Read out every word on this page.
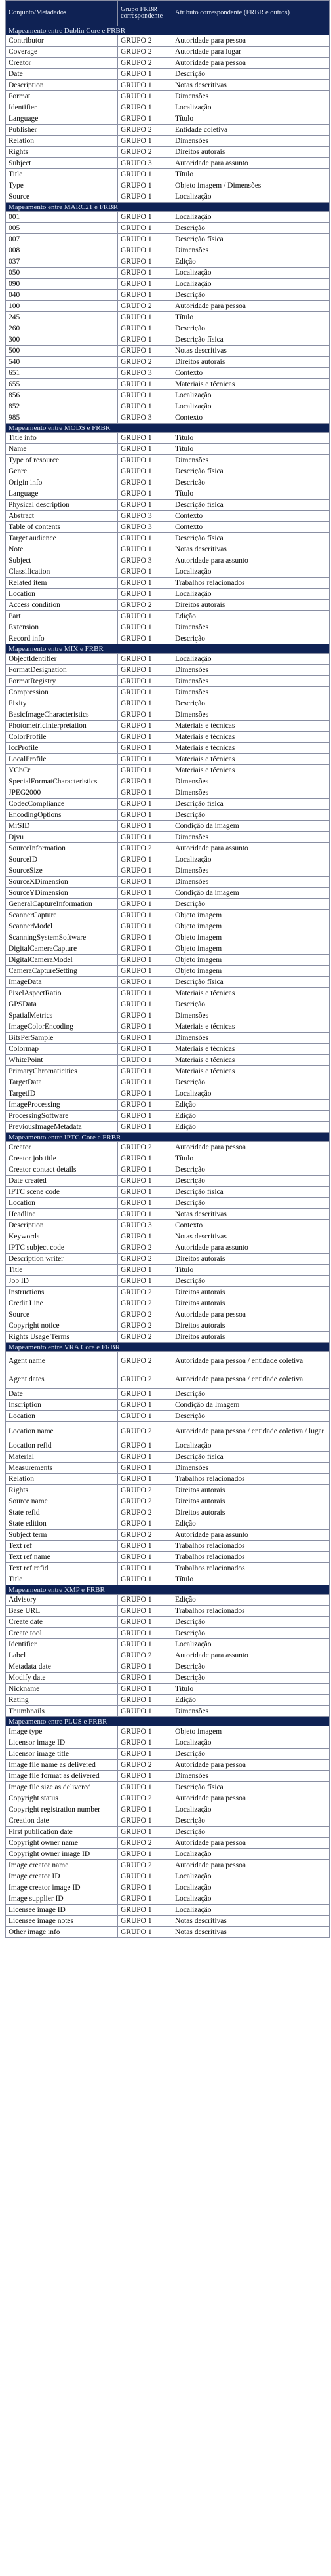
Conjunto/Metadados	Grupo FRBR correspondente	Atributo correspondente (FRBR e outros)
Mapeamento entre Dublin Core e FRBR		
Contributor	GRUPO 2	Autoridade para pessoa
Coverage	GRUPO 2	Autoridade para lugar
Creator	GRUPO 2	Autoridade para pessoa
Date	GRUPO 1	Descrição
Description	GRUPO 1	Notas descritivas
Format	GRUPO 1	Dimensões
Identifier	GRUPO 1	Localização
Language	GRUPO 1	Título
Publisher	GRUPO 2	Entidade coletiva
Relation	GRUPO 1	Dimensões
Rights	GRUPO 2	Direitos autorais
Subject	GRUPO 3	Autoridade para assunto
Title	GRUPO 1	Título
Type	GRUPO 1	Objeto imagem / Dimensões
Source	GRUPO 1	Localização
Mapeamento entre MARC21 e FRBR		
001	GRUPO 1	Localização
005	GRUPO 1	Descrição
007	GRUPO 1	Descrição física
008	GRUPO 1	Dimensões
037	GRUPO 1	Edição
050	GRUPO 1	Localização
090	GRUPO 1	Localização
040	GRUPO 1	Descrição
100	GRUPO 2	Autoridade para pessoa
245	GRUPO 1	Título
260	GRUPO 1	Descrição
300	GRUPO 1	Descrição física
500	GRUPO 1	Notas descritivas
540	GRUPO 2	Direitos autorais
651	GRUPO 3	Contexto
655	GRUPO 1	Materiais e técnicas
856	GRUPO 1	Localização
852	GRUPO 1	Localização
985	GRUPO 3	Contexto
Mapeamento entre MODS e FRBR		
Title info	GRUPO 1	Título
Name	GRUPO 1	Título
Type of resource	GRUPO 1	Dimensões
Genre	GRUPO 1	Descrição física
Origin info	GRUPO 1	Descrição
Language	GRUPO 1	Título
Physical description	GRUPO 1	Descrição física
Abstract	GRUPO 3	Contexto
Table of contents	GRUPO 3	Contexto
Target audience	GRUPO 1	Descrição física
Note	GRUPO 1	Notas descritivas
Subject	GRUPO 3	Autoridade para assunto
Classification	GRUPO 1	Localização
Related item	GRUPO 1	Trabalhos relacionados
Location	GRUPO 1	Localização
Access condition	GRUPO 2	Direitos autorais
Part	GRUPO 1	Edição
Extension	GRUPO 1	Dimensões
Record info	GRUPO 1	Descrição
Mapeamento entre MIX e FRBR		
ObjectIdentifier	GRUPO 1	Localização
FormatDesignation	GRUPO 1	Dimensões
FormatRegistry	GRUPO 1	Dimensões
Compression	GRUPO 1	Dimensões
Fixity	GRUPO 1	Descrição
BasicImageCharacteristics	GRUPO 1	Dimensões
PhotometricInterpretation	GRUPO 1	Materiais e técnicas
ColorProfile	GRUPO 1	Materiais e técnicas
IccProfile	GRUPO 1	Materiais e técnicas
LocalProfile	GRUPO 1	Materiais e técnicas
YCbCr	GRUPO 1	Materiais e técnicas
SpecialFormatCharacteristics	GRUPO 1	Dimensões
JPEG2000	GRUPO 1	Dimensões
CodecCompliance	GRUPO 1	Descrição física
EncodingOptions	GRUPO 1	Descrição
MrSID	GRUPO 1	Condição da imagem
Djvu	GRUPO 1	Dimensões
SourceInformation	GRUPO 2	Autoridade para assunto
SourceID	GRUPO 1	Localização
SourceSize	GRUPO 1	Dimensões
SourceXDimension	GRUPO 1	Dimensões
SourceYDimension	GRUPO 1	Condição da imagem
GeneralCaptureInformation	GRUPO 1	Descrição
ScannerCapture	GRUPO 1	Objeto imagem
ScannerModel	GRUPO 1	Objeto imagem
ScanningSystemSoftware	GRUPO 1	Objeto imagem
DigitalCameraCapture	GRUPO 1	Objeto imagem
DigitalCameraModel	GRUPO 1	Objeto imagem
CameraCaptureSetting	GRUPO 1	Objeto imagem
ImageData	GRUPO 1	Descrição física
PixelAspectRatio	GRUPO 1	Materiais e técnicas
GPSData	GRUPO 1	Descrição
SpatialMetrics	GRUPO 1	Dimensões
ImageColorEncoding	GRUPO 1	Materiais e técnicas
BitsPerSample	GRUPO 1	Dimensões
Colormap	GRUPO 1	Materiais e técnicas
WhitePoint	GRUPO 1	Materiais e técnicas
PrimaryChromaticities	GRUPO 1	Materiais e técnicas
TargetData	GRUPO 1	Descrição
TargetID	GRUPO 1	Localização
ImageProcessing	GRUPO 1	Edição
ProcessingSoftware	GRUPO 1	Edição
PreviousImageMetadata	GRUPO 1	Edição
Mapeamento entre IPTC Core e FRBR		
Creator	GRUPO 2	Autoridade para pessoa
Creator job title	GRUPO 1	Título
Creator contact details	GRUPO 1	Descrição
Date created	GRUPO 1	Descrição
IPTC scene code	GRUPO 1	Descrição física
Location	GRUPO 1	Descrição
Headline	GRUPO 1	Notas descritivas
Description	GRUPO 3	Contexto
Keywords	GRUPO 1	Notas descritivas
IPTC subject code	GRUPO 2	Autoridade para assunto
Description writer	GRUPO 2	Direitos autorais
Title	GRUPO 1	Título
Job ID	GRUPO 1	Descrição
Instructions	GRUPO 2	Direitos autorais
Credit Line	GRUPO 2	Direitos autorais
Source	GRUPO 2	Autoridade para pessoa
Copyright notice	GRUPO 2	Direitos autorais
Rights Usage Terms	GRUPO 2	Direitos autorais
Mapeamento entre VRA Core e FRBR		
Agent name	GRUPO 2	Autoridade para pessoa / entidade coletiva
Agent dates	GRUPO 2	Autoridade para pessoa / entidade coletiva
Date	GRUPO 1	Descrição
Inscription	GRUPO 1	Condição da Imagem
Location	GRUPO 1	Descrição
Location name	GRUPO 2	Autoridade para pessoa / entidade coletiva / lugar
Location refid	GRUPO 1	Localização
Material	GRUPO 1	Descrição física
Measurements	GRUPO 1	Dimensões
Relation	GRUPO 1	Trabalhos relacionados
Rights	GRUPO 2	Direitos autorais
Source name	GRUPO 2	Direitos autorais
State refid	GRUPO 2	Direitos autorais
State edition	GRUPO 1	Edição
Subject term	GRUPO 2	Autoridade para assunto
Text ref	GRUPO 1	Trabalhos relacionados
Text ref name	GRUPO 1	Trabalhos relacionados
Text ref refid	GRUPO 1	Trabalhos relacionados
Title	GRUPO 1	Título
Mapeamento entre XMP e FRBR		
Advisory	GRUPO 1	Edição
Base URL	GRUPO 1	Trabalhos relacionados
Create date	GRUPO 1	Descrição
Create tool	GRUPO 1	Descrição
Identifier	GRUPO 1	Localização
Label	GRUPO 2	Autoridade para assunto
Metadata date	GRUPO 1	Descrição
Modify date	GRUPO 1	Descrição
Nickname	GRUPO 1	Título
Rating	GRUPO 1	Edição
Thumbnails	GRUPO 1	Dimensões
Mapeamento entre PLUS e FRBR		
Image type	GRUPO 1	Objeto imagem
Licensor image ID	GRUPO 1	Localização
Licensor image title	GRUPO 1	Descrição
Image file name as delivered	GRUPO 2	Autoridade para pessoa
Image file format as delivered	GRUPO 1	Dimensões
Image file size as delivered	GRUPO 1	Descrição física
Copyright status	GRUPO 2	Autoridade para pessoa
Copyright registration number	GRUPO 1	Localização
Creation date	GRUPO 1	Descrição
First publication date	GRUPO 1	Descrição
Copyright owner name	GRUPO 2	Autoridade para pessoa
Copyright owner image ID	GRUPO 1	Localização
Image creator name	GRUPO 2	Autoridade para pessoa
Image creator ID	GRUPO 1	Localização
Image creator image ID	GRUPO 1	Localização
Image supplier ID	GRUPO 1	Localização
Licensee image ID	GRUPO 1	Localização
Licensee image notes	GRUPO 1	Notas descritivas
Other image info	GRUPO 1	Notas descritivas
